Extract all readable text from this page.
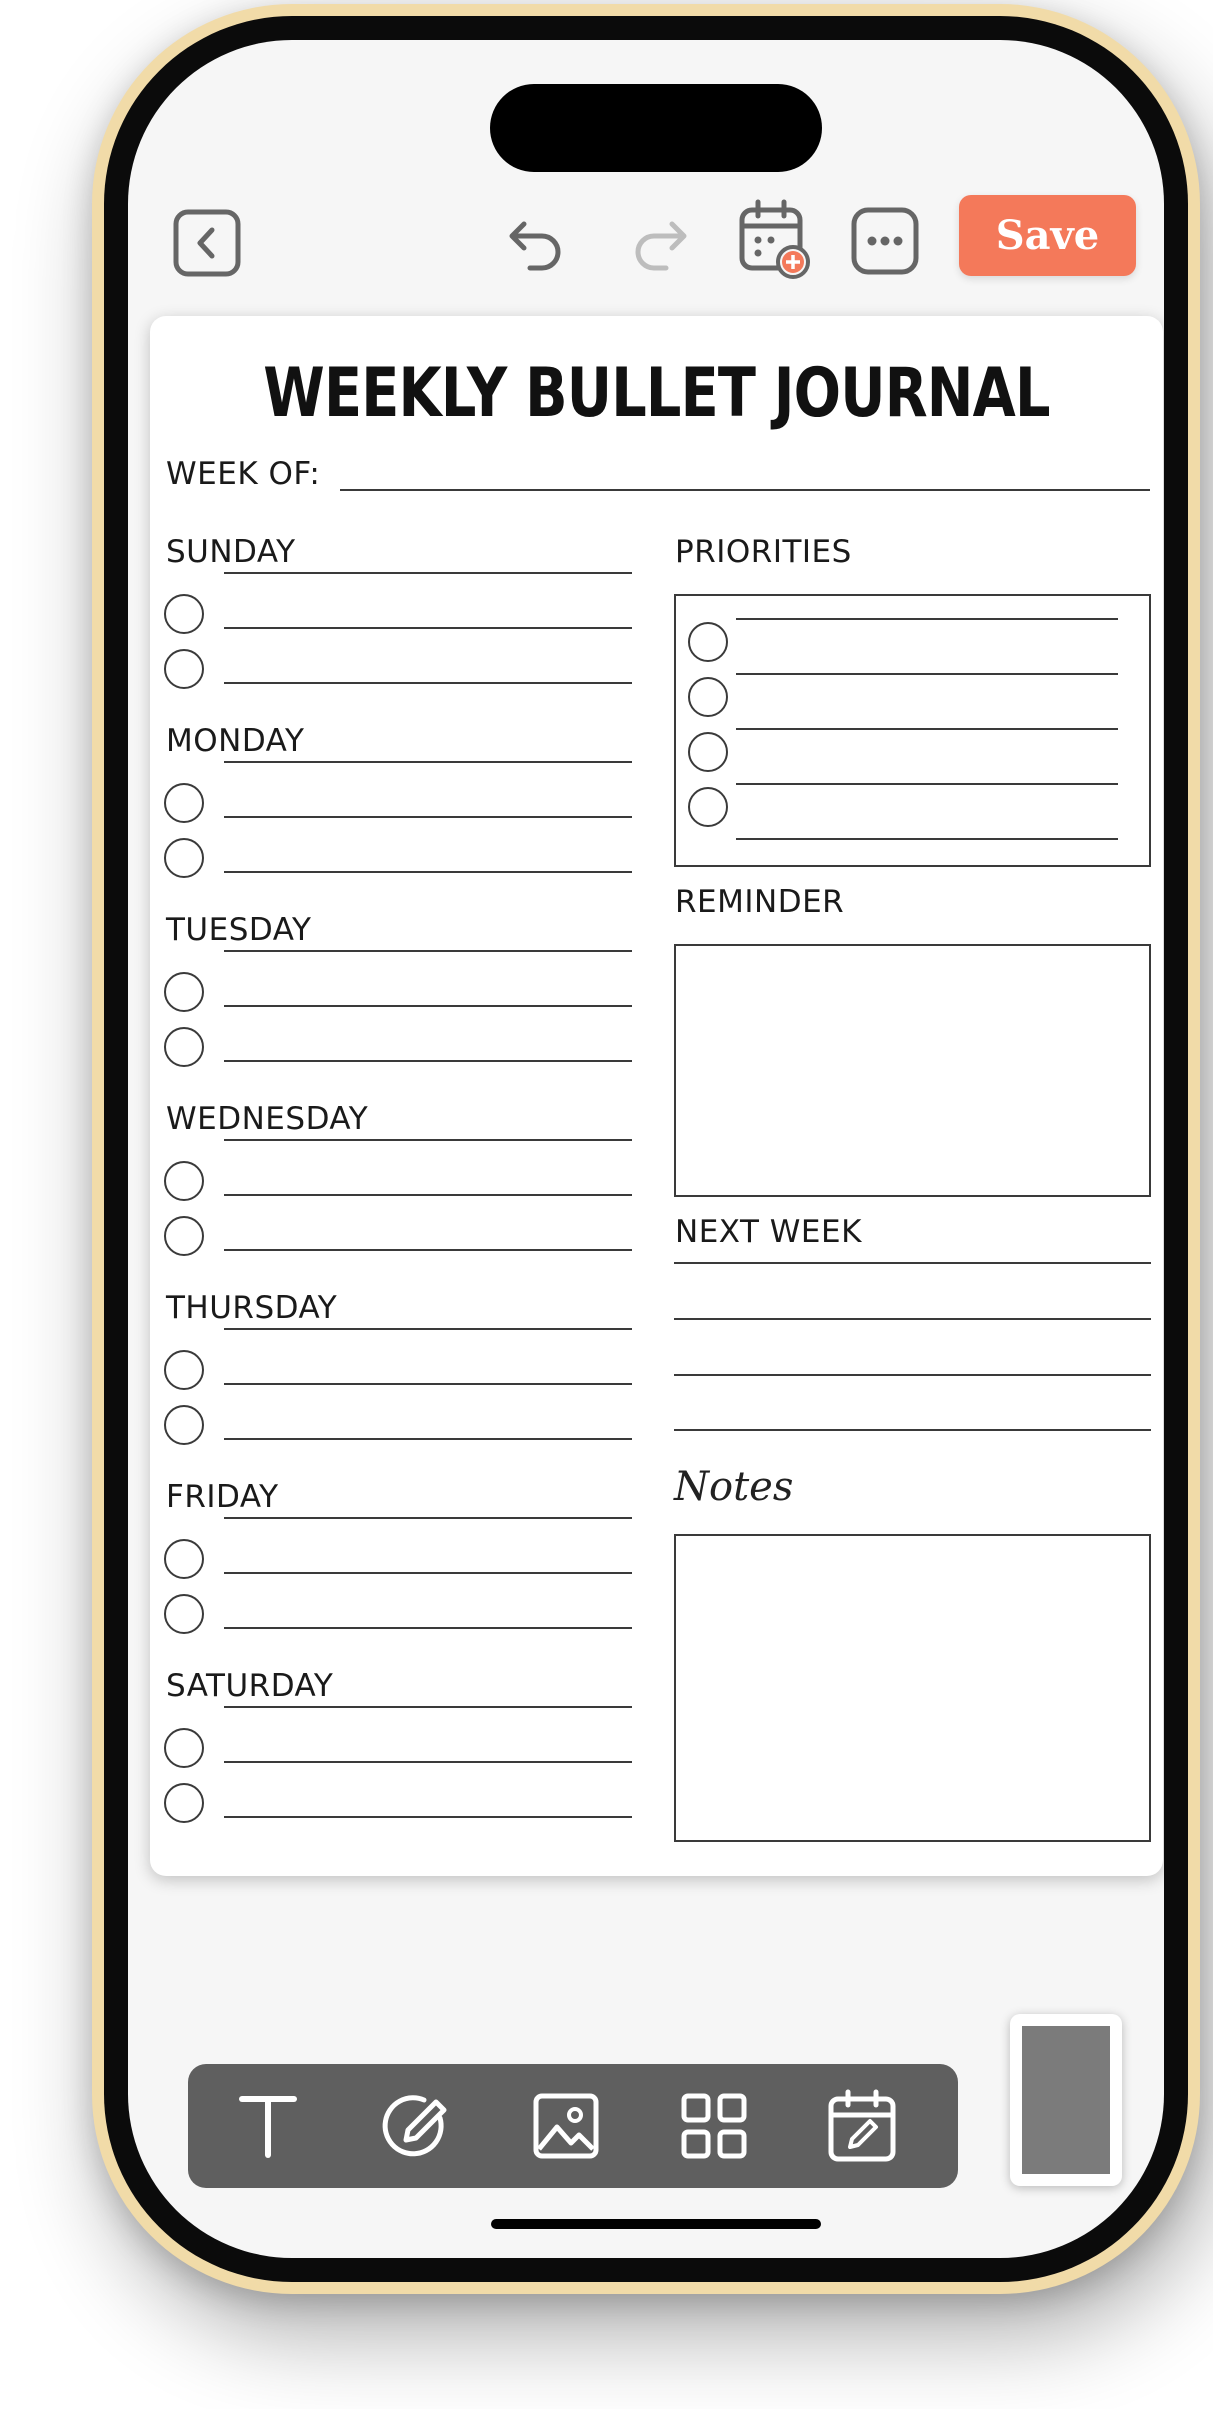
Save
WEEKLY BULLET JOURNAL
WEEK OF:
PRIORITIES
REMINDER
NEXT WEEK
Notes
SUNDAY
MONDAY
TUESDAY
WEDNESDAY
THURSDAY
FRIDAY
SATURDAY
